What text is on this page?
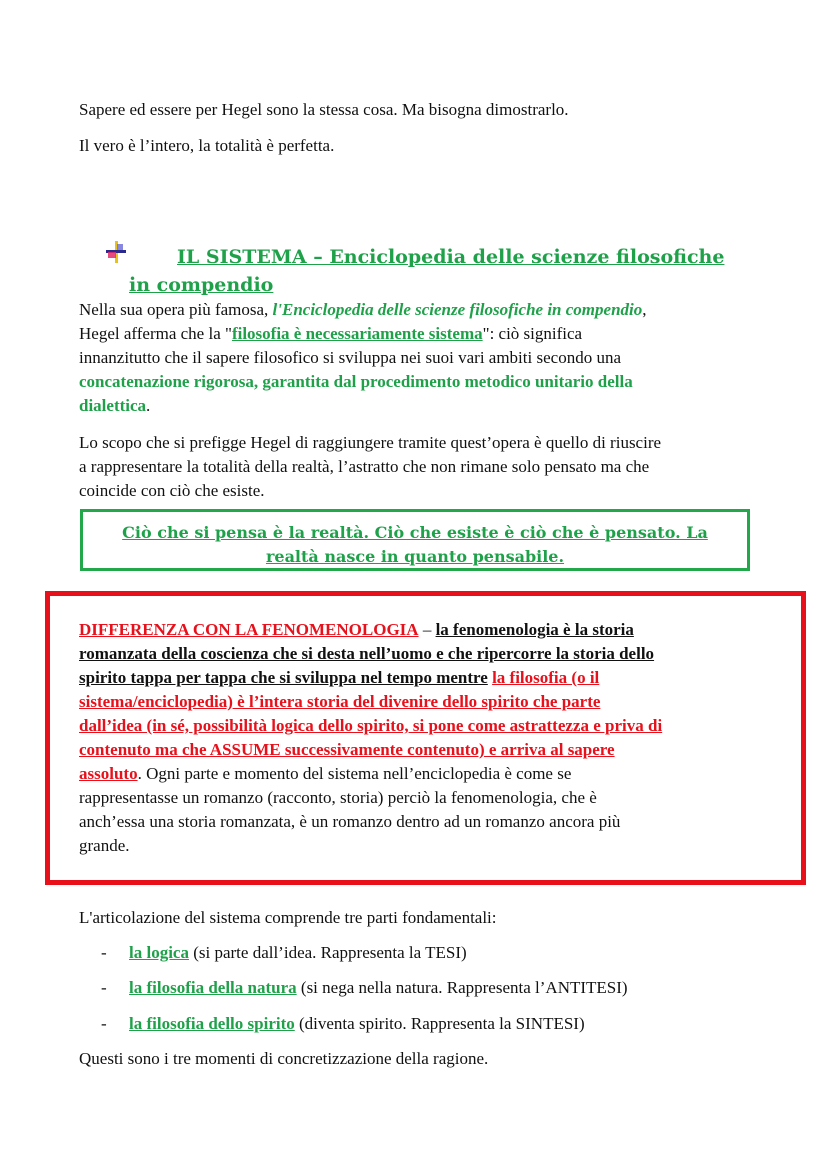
Sapere ed essere per Hegel sono la stessa cosa. Ma bisogna dimostrarlo.

Il vero è l’intero, la totalità è perfetta.

IL SISTEMA – Enciclopedia delle scienze filosofiche
in compendio
Nella sua opera più famosa, l'Enciclopedia delle scienze filosofiche in compendio,
Hegel afferma che la "filosofia è necessariamente sistema": ciò significa
innanzitutto che il sapere filosofico si sviluppa nei suoi vari ambiti secondo una
concatenazione rigorosa, garantita dal procedimento metodico unitario della
dialettica.
Lo scopo che si prefigge Hegel di raggiungere tramite quest’opera è quello di riuscire
a rappresentare la totalità della realtà, l’astratto che non rimane solo pensato ma che
coincide con ciò che esiste.
Ciò che si pensa è la realtà. Ciò che esiste è ciò che è pensato. La
realtà nasce in quanto pensabile.
DIFFERENZA CON LA FENOMENOLOGIA – la fenomenologia è la storia
romanzata della coscienza che si desta nell’uomo e che ripercorre la storia dello
spirito tappa per tappa che si sviluppa nel tempo mentre la filosofia (o il
sistema/enciclopedia) è l’intera storia del divenire dello spirito che parte
dall’idea (in sé, possibilità logica dello spirito, si pone come astrattezza e priva di
contenuto ma che ASSUME successivamente contenuto) e arriva al sapere
assoluto. Ogni parte e momento del sistema nell’enciclopedia è come se
rappresentasse un romanzo (racconto, storia) perciò la fenomenologia, che è
anch’essa una storia romanzata, è un romanzo dentro ad un romanzo ancora più
grande.

L'articolazione del sistema comprende tre parti fondamentali:

- la logica (si parte dall’idea. Rappresenta la TESI)
- la filosofia della natura (si nega nella natura. Rappresenta l’ANTITESI)
- la filosofia dello spirito (diventa spirito. Rappresenta la SINTESI)

Questi sono i tre momenti di concretizzazione della ragione.
